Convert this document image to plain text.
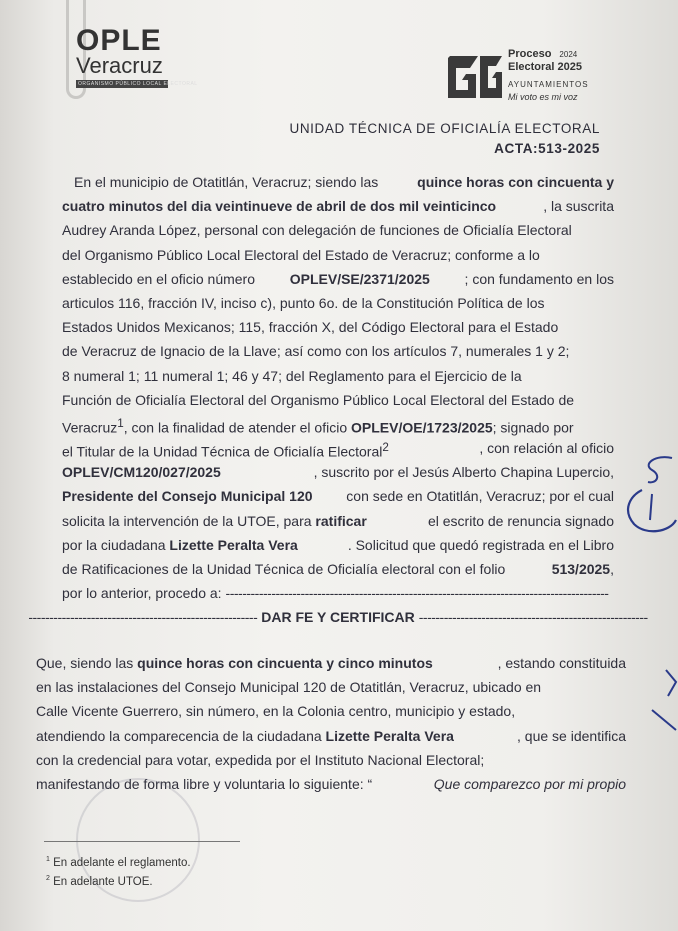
OPLE
Veracruz
ORGANISMO PÚBLICO LOCAL ELECTORAL
Proceso 2024
Electoral 2025
AYUNTAMIENTOS
Mi voto es mi voz
UNIDAD TÉCNICA DE OFICIALÍA ELECTORAL
ACTA:513-2025
En el municipio de Otatitlán, Veracruz; siendo las	quince horas con cincuenta y
cuatro minutos del dia veintinueve de abril de dos mil veinticinco	, la suscrita
Audrey Aranda López, personal con delegación de funciones de Oficialía Electoral
del Organismo Público Local Electoral del Estado de Veracruz; conforme a lo
establecido en el oficio número OPLEV/SE/2371/2025 ; con fundamento en los
articulos 116, fracción IV, inciso c), punto 6o. de la Constitución Política de los
Estados Unidos Mexicanos; 115, fracción X, del Código Electoral para el Estado
de Veracruz de Ignacio de la Llave; así como con los artículos 7, numerales 1 y 2;
8 numeral 1; 11 numeral 1; 46 y 47; del Reglamento para el Ejercicio de la
Función de Oficialía Electoral del Organismo Público Local Electoral del Estado de
Veracruz$^1$, con la finalidad de atender el oficio OPLEV/OE/1723/2025; signado por
el Titular de la Unidad Técnica de Oficialía Electoral$^2$	, con relación al oficio
OPLEV/CM120/027/2025	, suscrito por el Jesús Alberto Chapina Lupercio,
Presidente del Consejo Municipal 120 con sede en Otatitlán, Veracruz; por el cual
solicita la intervención de la UTOE, para ratificar	el escrito de renuncia signado
por la ciudadana Lizette Peralta Vera	. Solicitud que quedó registrada en el Libro
de Ratificaciones de la Unidad Técnica de Oficialía electoral con el folio	513/2025,
por lo anterior, procedo a: --------------------------------------------------------------------------------------------
------------------------------------------------------- DAR FE Y CERTIFICAR -------------------------------------------------------
Que, siendo las quince horas con cincuenta y cinco minutos	, estando constituida
en las instalaciones del Consejo Municipal 120 de Otatitlán, Veracruz, ubicado en
Calle Vicente Guerrero, sin número, en la Colonia centro, municipio y estado,
atendiendo la comparecencia de la ciudadana Lizette Peralta Vera	, que se identifica
con la credencial para votar, expedida por el Instituto Nacional Electoral;
manifestando de forma libre y voluntaria lo siguiente: “	Que comparezco por mi propio
$^1$ En adelante el reglamento.
$^2$ En adelante UTOE.
